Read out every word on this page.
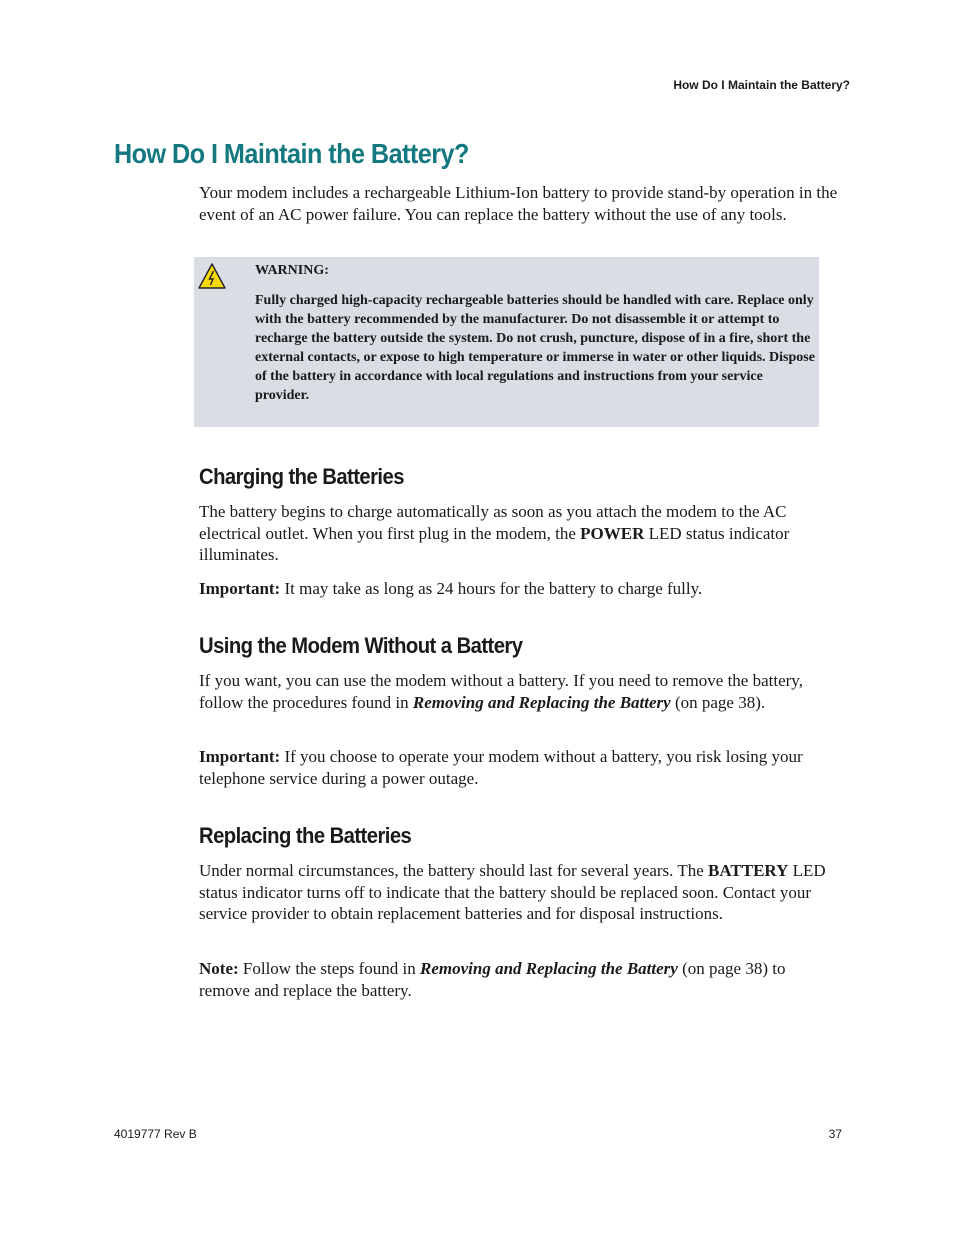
How Do I Maintain the Battery?
How Do I Maintain the Battery?

Your modem includes a rechargeable Lithium-Ion battery to provide stand-by operation in the event of an AC power failure. You can replace the battery without the use of any tools.

WARNING:
Fully charged high-capacity rechargeable batteries should be handled with care. Replace only with the battery recommended by the manufacturer. Do not disassemble it or attempt to recharge the battery outside the system. Do not crush, puncture, dispose of in a fire, short the external contacts, or expose to high temperature or immerse in water or other liquids. Dispose of the battery in accordance with local regulations and instructions from your service provider.
Charging the Batteries

The battery begins to charge automatically as soon as you attach the modem to the AC electrical outlet. When you first plug in the modem, the POWER LED status indicator illuminates.

Important: It may take as long as 24 hours for the battery to charge fully.

Using the Modem Without a Battery

If you want, you can use the modem without a battery. If you need to remove the battery, follow the procedures found in Removing and Replacing the Battery (on page 38).

Important: If you choose to operate your modem without a battery, you risk losing your telephone service during a power outage.

Replacing the Batteries

Under normal circumstances, the battery should last for several years. The BATTERY LED status indicator turns off to indicate that the battery should be replaced soon. Contact your service provider to obtain replacement batteries and for disposal instructions.

Note: Follow the steps found in Removing and Replacing the Battery (on page 38) to remove and replace the battery.

4019777 Rev B	37
